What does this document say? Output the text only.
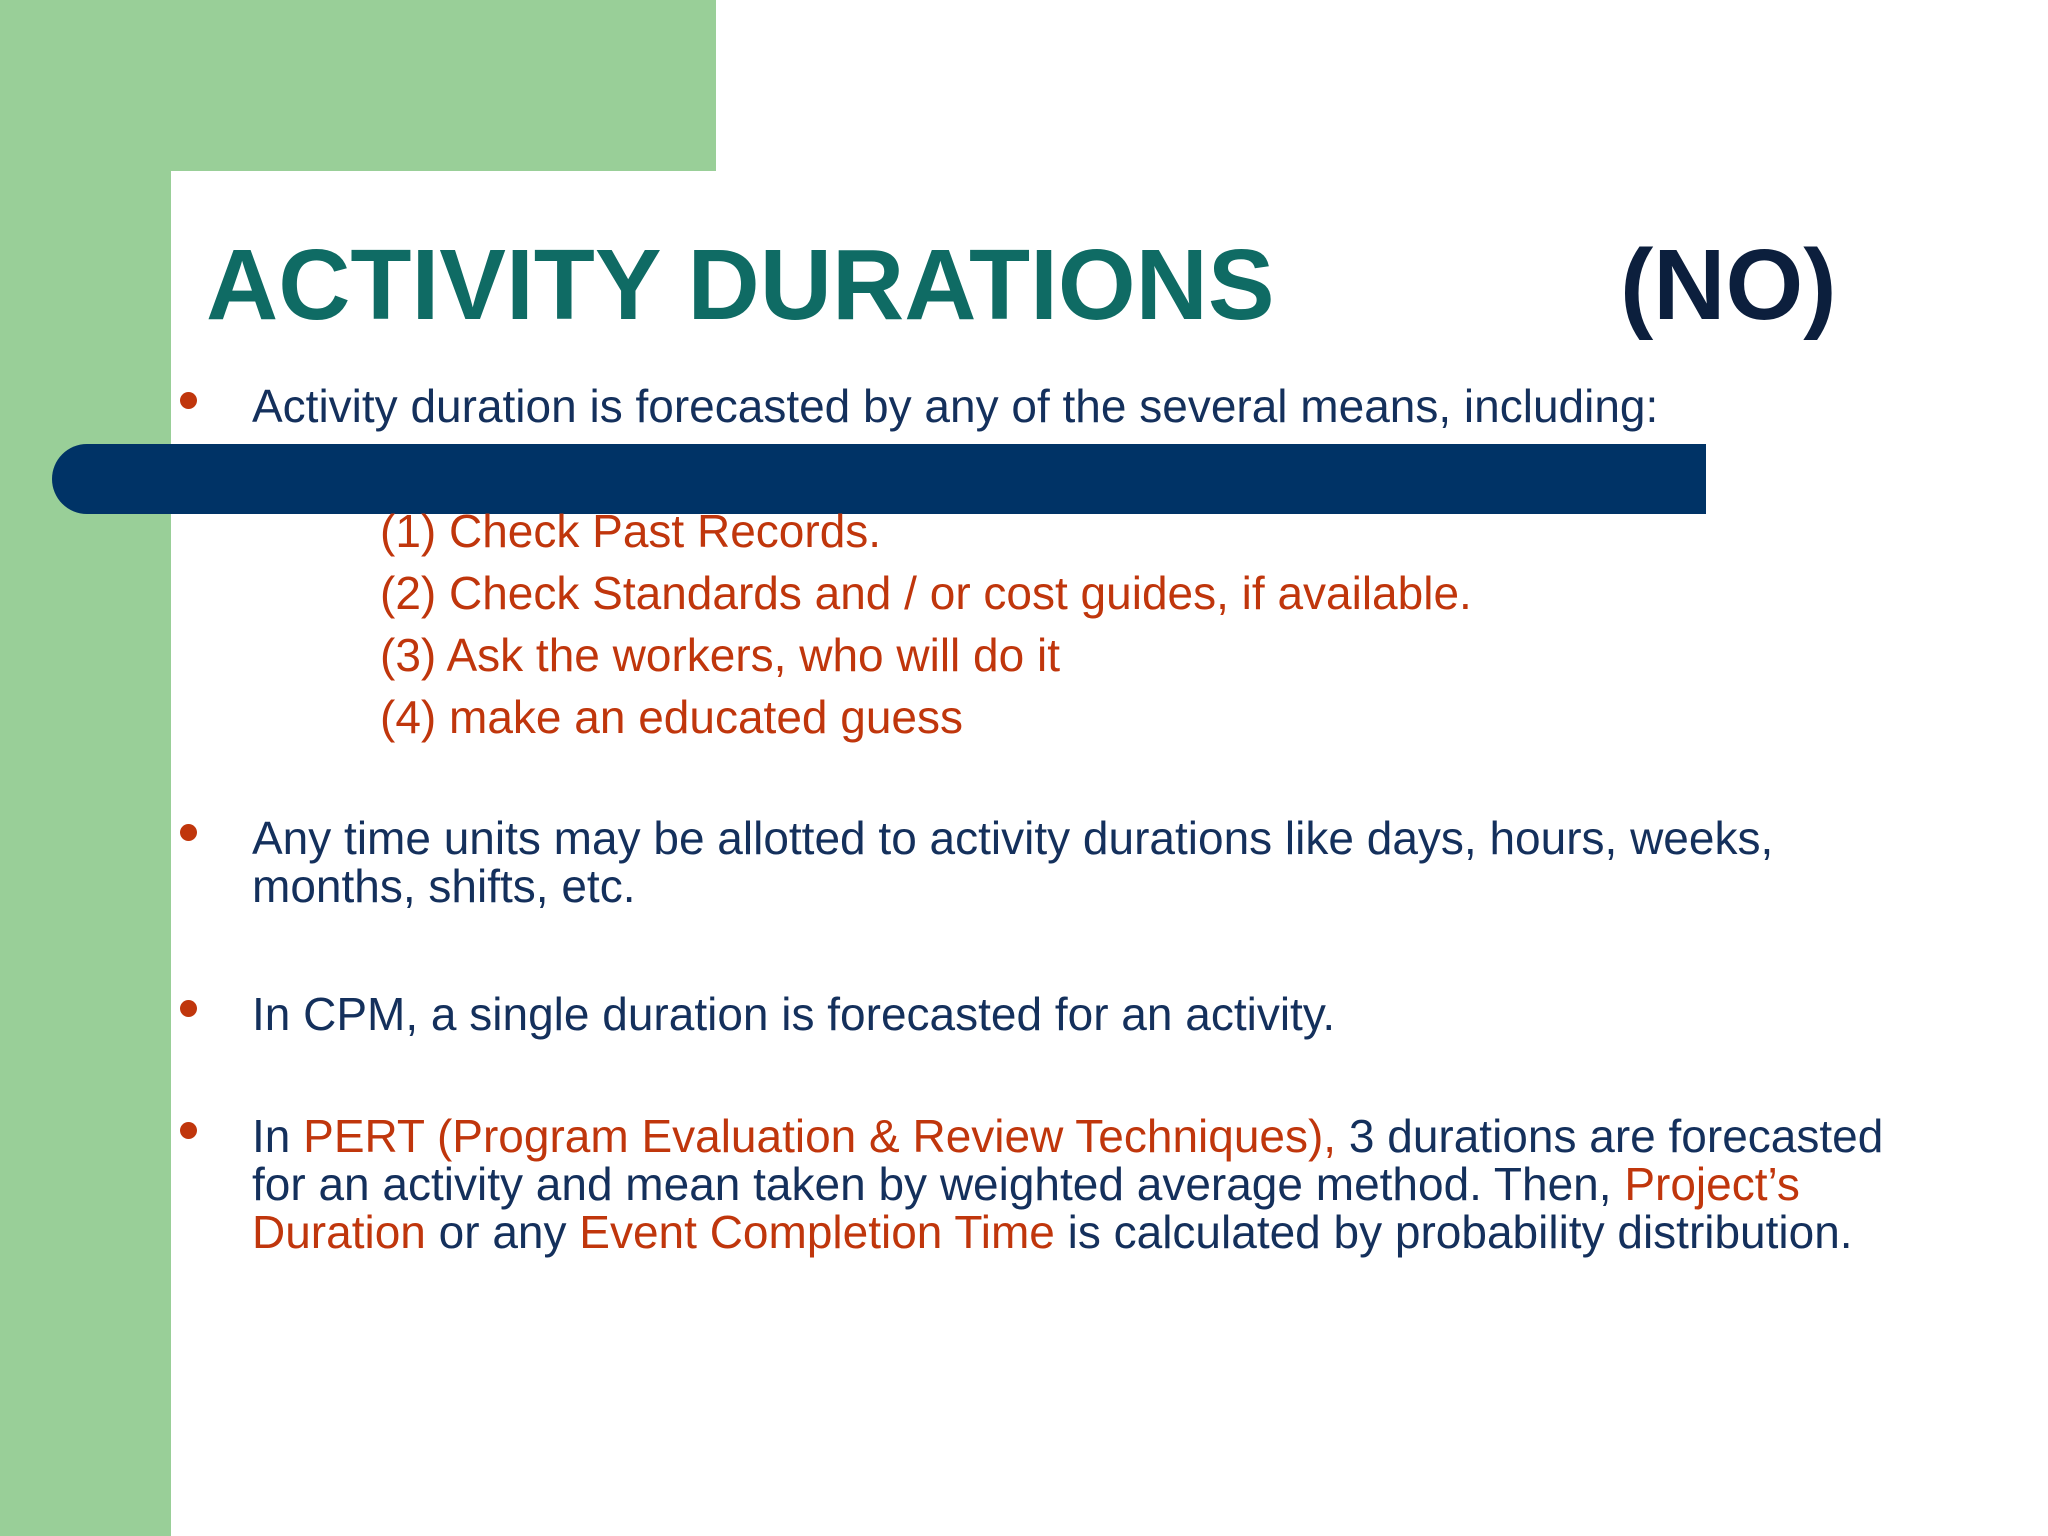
ACTIVITY DURATIONS	(NO)

Activity duration is forecasted by any of the several means, including:

(1) Check Past Records.

(2) Check Standards and / or cost guides, if available.

(3) Ask the workers, who will do it

(4) make an educated guess

Any time units may be allotted to activity durations like days, hours, weeks, months, shifts, etc.

In CPM, a single duration is forecasted for an activity.

In PERT (Program Evaluation & Review Techniques), 3 durations are forecasted for an activity and mean taken by weighted average method. Then, Project’s Duration or any Event Completion Time is calculated by probability distribution.
